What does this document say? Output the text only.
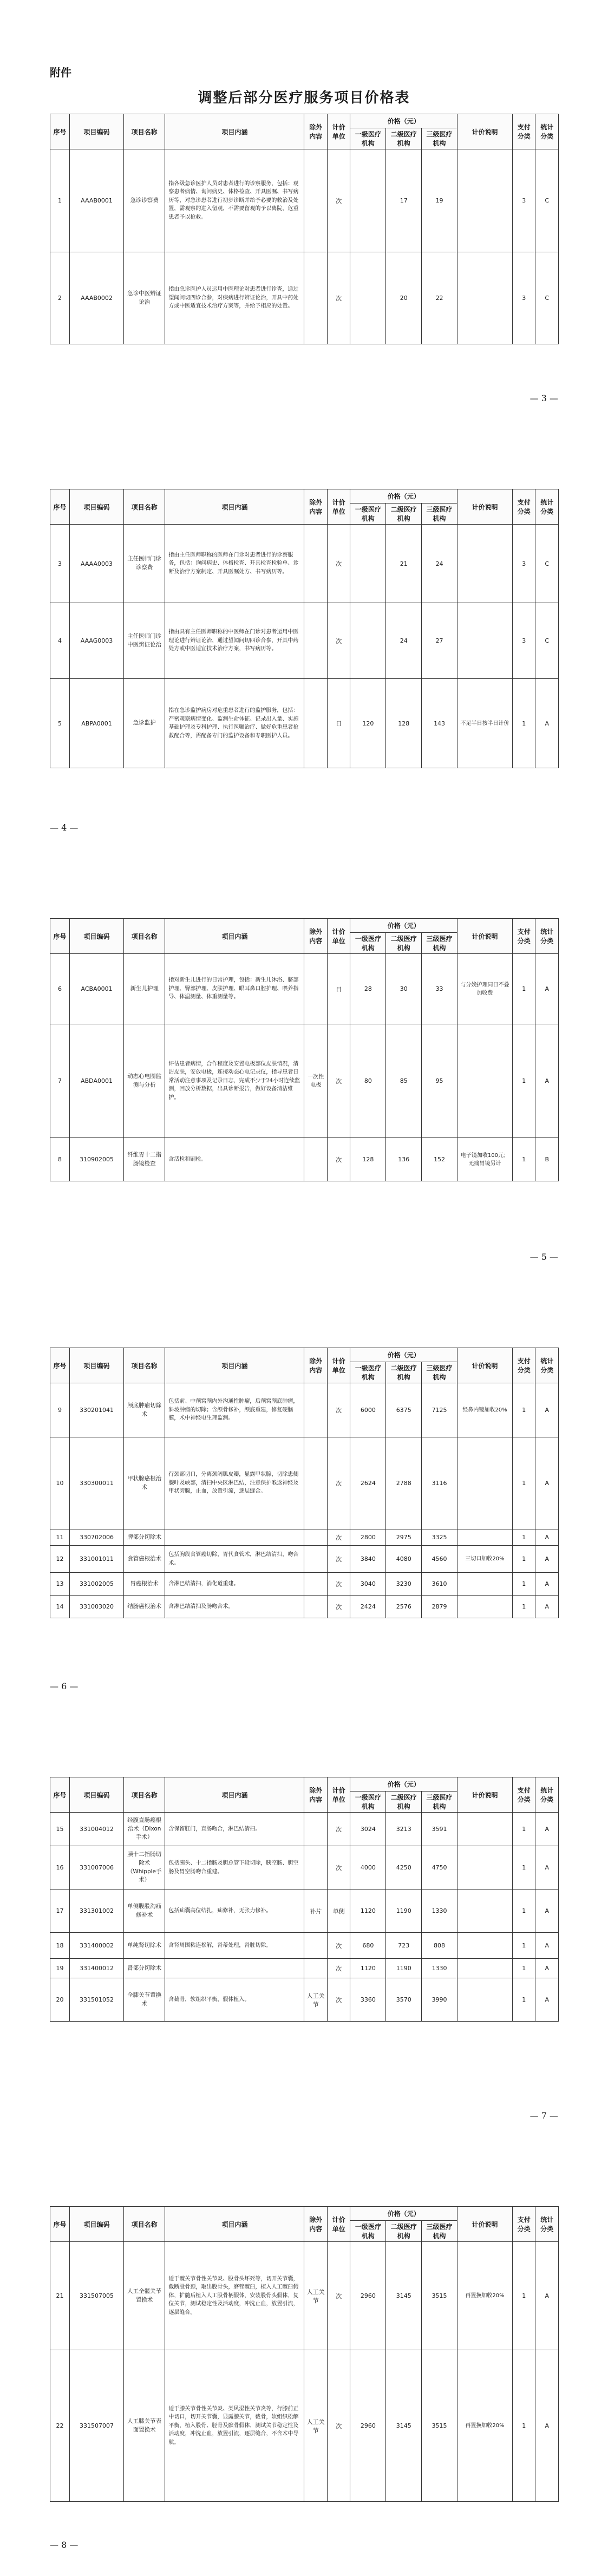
附件
调整后部分医疗服务项目价格表
序号	项目编码	项目名称	项目内涵	除外内容	计价单位	价格（元）			计价说明	支付分类	统计分类
						一级医疗机构	二级医疗机构	三级医疗机构			
1	AAAB0001	急诊诊察费	指各级急诊医护人员对患者进行的诊察服务，包括：观察患者病情、询问病史、体格检查、开具医嘱、书写病历等，对急诊患者进行初步诊断并给予必要的救治及处置，需观察的进入留观，不需要留观的予以离院，危重患者予以抢救。		次		17	19		3	C
2	AAAB0002	急诊中医辨证论治	指由急诊医护人员运用中医理论对患者进行诊查，通过望闻问切四诊合参，对疾病进行辨证论治，开具中药处方或中医适宜技术治疗方案等，并给予相应的处置。		次		20	22		3	C
— 3 —
序号	项目编码	项目名称	项目内涵	除外内容	计价单位	价格（元）			计价说明	支付分类	统计分类
						一级医疗机构	二级医疗机构	三级医疗机构			
3	AAAA0003	主任医师门诊诊察费	指由主任医师职称的医师在门诊对患者进行的诊察服务，包括：询问病史、体格检查、开具检查检验单、诊断及治疗方案制定、开具医嘱处方、书写病历等。		次		21	24		3	C
4	AAAG0003	主任医师门诊中医辨证论治	指由具有主任医师职称的中医师在门诊对患者运用中医理论进行辨证论治，通过望闻问切四诊合参，开具中药处方或中医适宜技术治疗方案，书写病历等。		次		24	27		3	C
5	ABPA0001	急诊监护	指在急诊监护病房对危重患者进行的监护服务，包括：严密观察病情变化、监测生命体征、记录出入量、实施基础护理及专科护理、执行医嘱治疗、做好危重患者抢救配合等，需配备专门的监护设备和专职医护人员。		日	120	128	143	不足半日按半日计价	1	A
— 4 —
序号	项目编码	项目名称	项目内涵	除外内容	计价单位	价格（元）			计价说明	支付分类	统计分类
						一级医疗机构	二级医疗机构	三级医疗机构			
6	ACBA0001	新生儿护理	指对新生儿进行的日常护理，包括：新生儿沐浴、脐部护理、臀部护理、皮肤护理、眼耳鼻口腔护理、喂养指导、体温测量、体重测量等。		日	28	30	33	与分娩护理同日不叠加收费	1	A
7	ABDA0001	动态心电图监测与分析	评估患者病情，合作程度及安置电极部位皮肤情况，清洁皮肤，安放电极，连接动态心电记录仪，指导患者日常活动注意事项及记录日志，完成不少于24小时连续监测，回放分析数据，出具诊断报告，做好设备清洁维护。	一次性电极	次	80	85	95		1	A
8	310902005	纤维胃十二指肠镜检查	含活检和刷检。		次	128	136	152	电子镜加收100元；无痛胃镜另计	1	B
— 5 —
序号	项目编码	项目名称	项目内涵	除外内容	计价单位	价格（元）			计价说明	支付分类	统计分类
						一级医疗机构	二级医疗机构	三级医疗机构			
9	330201041	颅底肿瘤切除术	包括前、中颅窝颅内外沟通性肿瘤，后颅窝颅底肿瘤，斜坡肿瘤的切除；含颅骨修补，颅底重建，修复硬脑膜，术中神经电生理监测。		次	6000	6375	7125	经鼻内镜加收20%	1	A
10	330300011	甲状腺癌根治术	行颈部切口，分离颈阔肌皮瓣，显露甲状腺，切除患侧腺叶及峡部，清扫中央区淋巴结，注意保护喉返神经及甲状旁腺，止血，放置引流，逐层缝合。		次	2624	2788	3116		1	A
11	330702006	脾部分切除术			次	2800	2975	3325		1	A
12	331001011	食管癌根治术	包括胸段食管癌切除，胃代食管术，淋巴结清扫，吻合术。		次	3840	4080	4560	三切口加收20%	1	A
13	331002005	胃癌根治术	含淋巴结清扫，消化道重建。		次	3040	3230	3610		1	A
14	331003020	结肠癌根治术	含淋巴结清扫及肠吻合术。		次	2424	2576	2879		1	A
— 6 —
序号	项目编码	项目名称	项目内涵	除外内容	计价单位	价格（元）			计价说明	支付分类	统计分类
						一级医疗机构	二级医疗机构	三级医疗机构			
15	331004012	经腹直肠癌根治术（Dixon手术）	含保留肛门，直肠吻合，淋巴结清扫。		次	3024	3213	3591		1	A
16	331007006	胰十二指肠切除术（Whipple手术）	包括胰头、十二指肠及胆总管下段切除，胰空肠、胆空肠及胃空肠吻合重建。		次	4000	4250	4750		1	A
17	331301002	单侧腹股沟疝修补术	包括疝囊高位结扎，疝修补，无张力修补。	补片	单侧	1120	1190	1330		1	A
18	331400002	单纯肾切除术	含肾周围粘连松解，肾蒂处理，肾脏切除。		次	680	723	808		1	A
19	331400012	肾部分切除术			次	1120	1190	1330		1	A
20	331501052	全膝关节置换术	含截骨，软组织平衡，假体植入。	人工关节	次	3360	3570	3990		1	A
— 7 —
序号	项目编码	项目名称	项目内涵	除外内容	计价单位	价格（元）			计价说明	支付分类	统计分类
						一级医疗机构	二级医疗机构	三级医疗机构			
21	331507005	人工全髋关节置换术	适于髋关节骨性关节炎、股骨头坏死等，切开关节囊，截断股骨颈，取出股骨头，磨锉髋臼，植入人工髋臼假体，扩髓后植入人工股骨柄假体，安装股骨头假体，复位关节，测试稳定性及活动度，冲洗止血，放置引流，逐层缝合。	人工关节	次	2960	3145	3515	再置换加收20%	1	A
22	331507007	人工膝关节表面置换术	适于膝关节骨性关节炎、类风湿性关节炎等，行膝前正中切口，切开关节囊，显露膝关节，截骨，软组织松解平衡，植入股骨、胫骨及髌骨假体，测试关节稳定性及活动度，冲洗止血，放置引流，逐层缝合，不含术中导航。	人工关节	次	2960	3145	3515	再置换加收20%	1	A
— 8 —
